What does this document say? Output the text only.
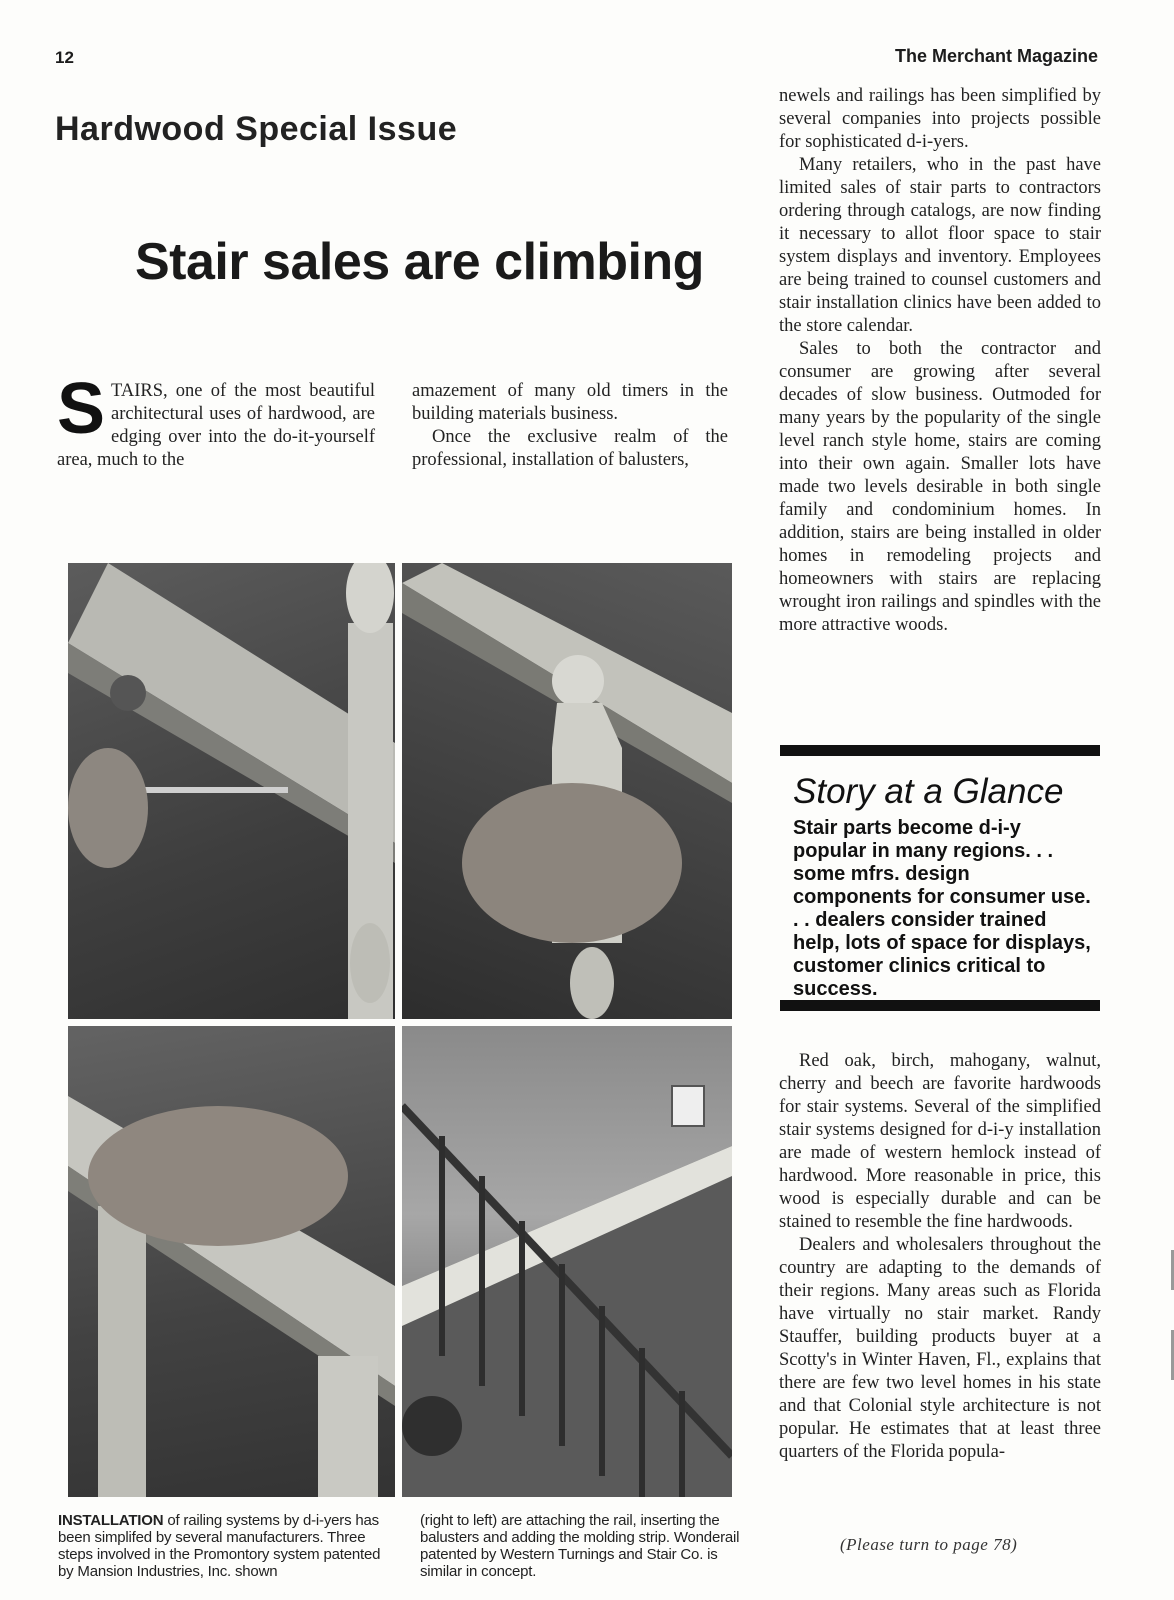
12	The Merchant Magazine
Hardwood Special Issue
Stair sales are climbing

STAIRS, one of the most beautiful architectural uses of hardwood, are edging over into the do-it-yourself area, much to the

amazement of many old timers in the building materials business.

Once the exclusive realm of the professional, installation of balusters,

newels and railings has been simplified by several companies into projects possible for sophisticated d-i-yers.

Many retailers, who in the past have limited sales of stair parts to contractors ordering through catalogs, are now finding it necessary to allot floor space to stair system displays and inventory. Employees are being trained to counsel customers and stair installation clinics have been added to the store calendar.

Sales to both the contractor and consumer are growing after several decades of slow business. Outmoded for many years by the popularity of the single level ranch style home, stairs are coming into their own again. Smaller lots have made two levels desirable in both single family and condominium homes. In addition, stairs are being installed in older homes in remodeling projects and homeowners with stairs are replacing wrought iron railings and spindles with the more attractive woods.

Story at a Glance
Stair parts become d-i-y popular in many regions. . . some mfrs. design components for consumer use. . . dealers consider trained help, lots of space for displays, customer clinics critical to success.

Red oak, birch, mahogany, walnut, cherry and beech are favorite hardwoods for stair systems. Several of the simplified stair systems designed for d-i-y installation are made of western hemlock instead of hardwood. More reasonable in price, this wood is especially durable and can be stained to resemble the fine hardwoods.

Dealers and wholesalers throughout the country are adapting to the demands of their regions. Many areas such as Florida have virtually no stair market. Randy Stauffer, building products buyer at a Scotty's in Winter Haven, Fl., explains that there are few two level homes in his state and that Colonial style architecture is not popular. He estimates that at least three quarters of the Florida popula-

(Please turn to page 78)
INSTALLATION of railing systems by d-i-yers has been simplifed by several manufacturers. Three steps involved in the Promontory system patented by Mansion Industries, Inc. shown
(right to left) are attaching the rail, inserting the balusters and adding the molding strip. Wonderail patented by Western Turnings and Stair Co. is similar in concept.
